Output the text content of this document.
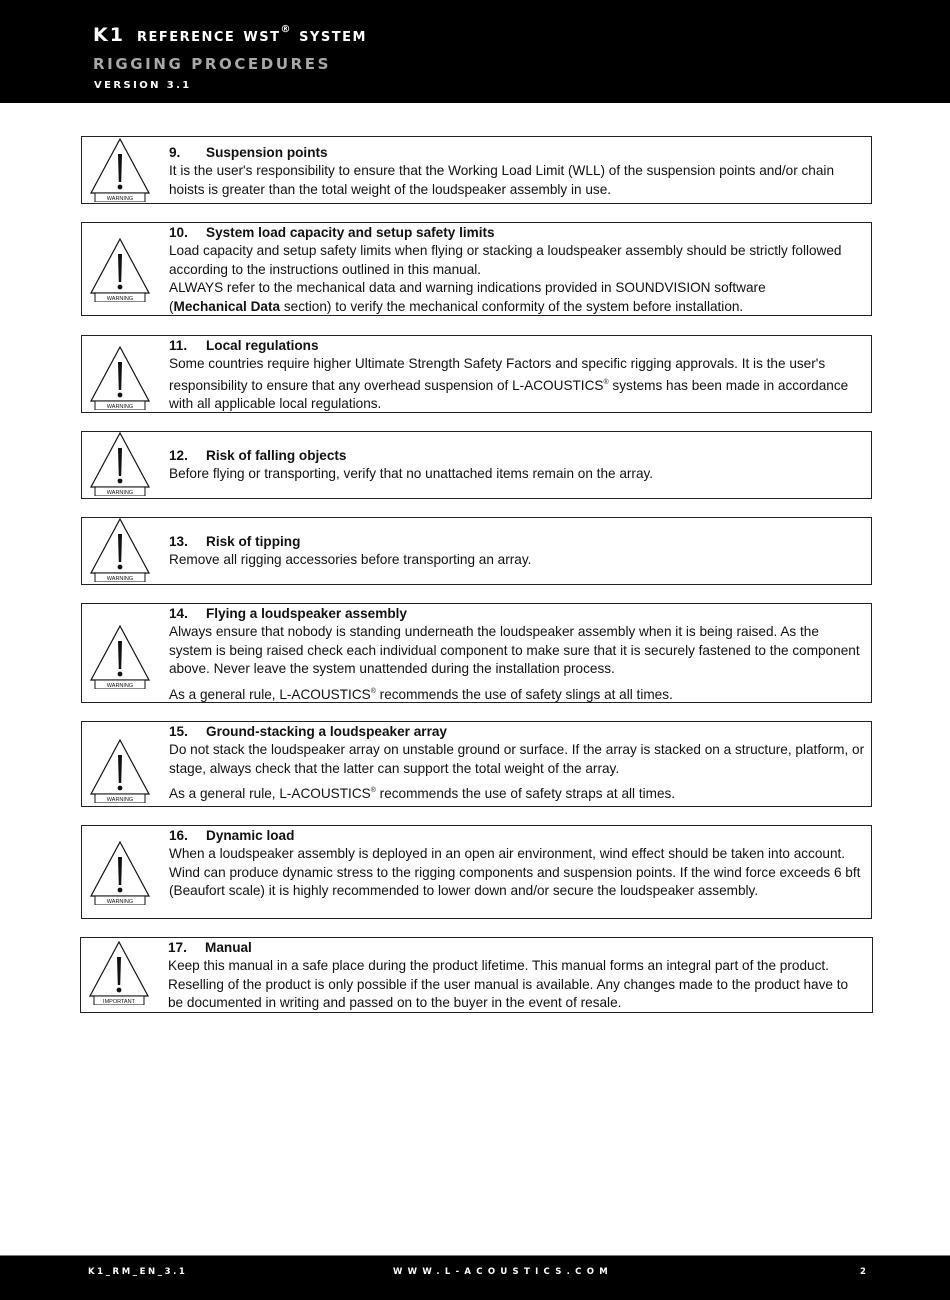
K1 reference wst® system
RIGGING PROCEDURES
VERSION 3.1
WARNING
9. Suspension points

It is the user's responsibility to ensure that the Working Load Limit (WLL) of the suspension points and/or chain hoists is greater than the total weight of the loudspeaker assembly in use.

WARNING
10. System load capacity and setup safety limits

Load capacity and setup safety limits when flying or stacking a loudspeaker assembly should be strictly followed according to the instructions outlined in this manual.

ALWAYS refer to the mechanical data and warning indications provided in SOUNDVISION software

(Mechanical Data section) to verify the mechanical conformity of the system before installation.

WARNING
11. Local regulations

Some countries require higher Ultimate Strength Safety Factors and specific rigging approvals. It is the user's responsibility to ensure that any overhead suspension of L-ACOUSTICS® systems has been made in accordance with all applicable local regulations.

WARNING
12. Risk of falling objects

Before flying or transporting, verify that no unattached items remain on the array.

WARNING
13. Risk of tipping

Remove all rigging accessories before transporting an array.

WARNING
14. Flying a loudspeaker assembly

Always ensure that nobody is standing underneath the loudspeaker assembly when it is being raised. As the system is being raised check each individual component to make sure that it is securely fastened to the component above. Never leave the system unattended during the installation process.

As a general rule, L-ACOUSTICS® recommends the use of safety slings at all times.

WARNING
15. Ground-stacking a loudspeaker array

Do not stack the loudspeaker array on unstable ground or surface. If the array is stacked on a structure, platform, or stage, always check that the latter can support the total weight of the array.

As a general rule, L-ACOUSTICS® recommends the use of safety straps at all times.

WARNING
16. Dynamic load

When a loudspeaker assembly is deployed in an open air environment, wind effect should be taken into account. Wind can produce dynamic stress to the rigging components and suspension points. If the wind force exceeds 6 bft (Beaufort scale) it is highly recommended to lower down and/or secure the loudspeaker assembly.

IMPORTANT
17. Manual

Keep this manual in a safe place during the product lifetime. This manual forms an integral part of the product. Reselling of the product is only possible if the user manual is available. Any changes made to the product have to be documented in writing and passed on to the buyer in the event of resale.

K1_RM_EN_3.1	WWW.L-ACOUSTICS.COM	2
